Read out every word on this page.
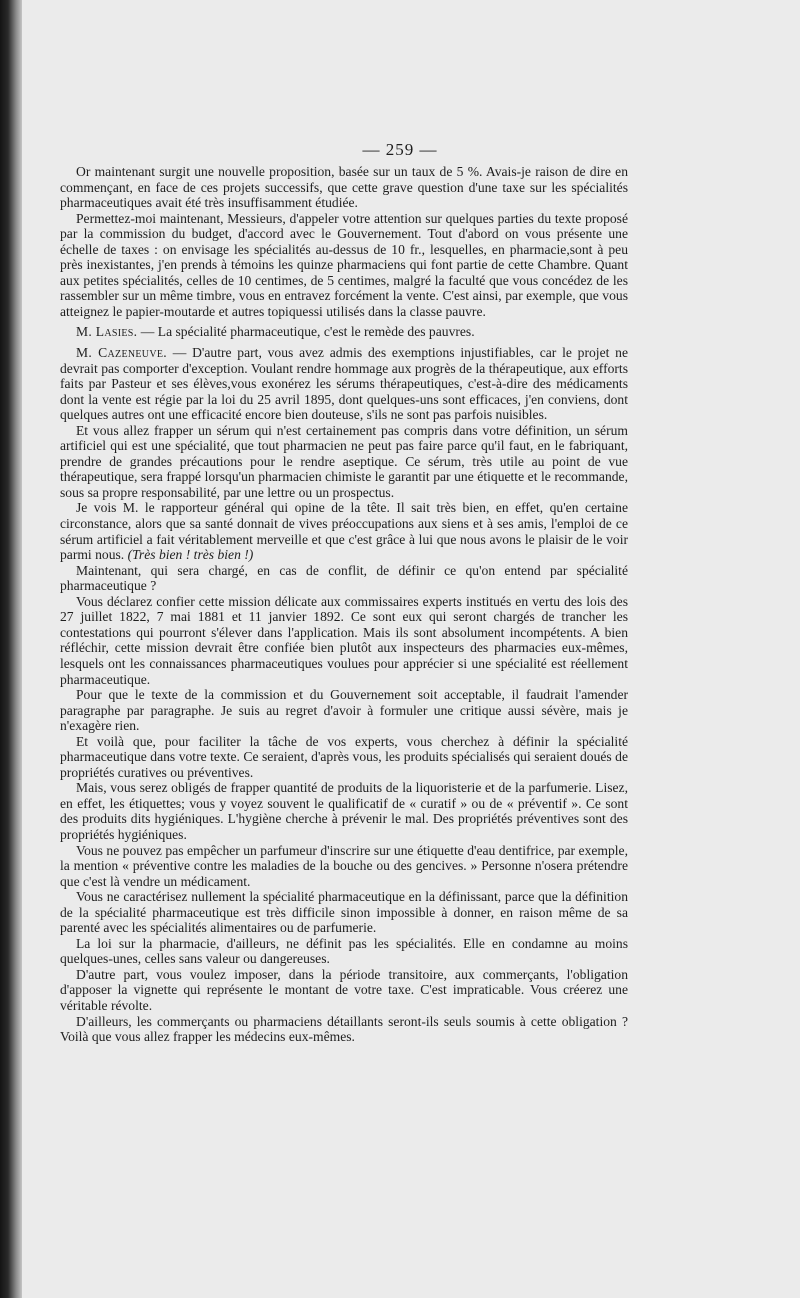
— 259 —

Or maintenant surgit une nouvelle proposition, basée sur un taux de 5 %. Avais-je raison de dire en commençant, en face de ces projets successifs, que cette grave question d'une taxe sur les spécialités pharmaceutiques avait été très insuffisamment étudiée.

Permettez-moi maintenant, Messieurs, d'appeler votre attention sur quelques parties du texte proposé par la commission du budget, d'accord avec le Gouvernement. Tout d'abord on vous présente une échelle de taxes : on envisage les spécialités au-dessus de 10 fr., lesquelles, en pharmacie,sont à peu près inexistantes, j'en prends à témoins les quinze pharmaciens qui font partie de cette Chambre. Quant aux petites spécialités, celles de 10 centimes, de 5 centimes, malgré la faculté que vous concédez de les rassembler sur un même timbre, vous en entravez forcément la vente. C'est ainsi, par exemple, que vous atteignez le papier-moutarde et autres topiquessi utilisés dans la classe pauvre.

M. Lasies. — La spécialité pharmaceutique, c'est le remède des pauvres.

M. Cazeneuve. — D'autre part, vous avez admis des exemptions injustifiables, car le projet ne devrait pas comporter d'exception. Voulant rendre hommage aux progrès de la thérapeutique, aux efforts faits par Pasteur et ses élèves,vous exonérez les sérums thérapeutiques, c'est-à-dire des médicaments dont la vente est régie par la loi du 25 avril 1895, dont quelques-uns sont efficaces, j'en conviens, dont quelques autres ont une efficacité encore bien douteuse, s'ils ne sont pas parfois nuisibles.

Et vous allez frapper un sérum qui n'est certainement pas compris dans votre définition, un sérum artificiel qui est une spécialité, que tout pharmacien ne peut pas faire parce qu'il faut, en le fabriquant, prendre de grandes précautions pour le rendre aseptique. Ce sérum, très utile au point de vue thérapeutique, sera frappé lorsqu'un pharmacien chimiste le garantit par une étiquette et le recommande, sous sa propre responsabilité, par une lettre ou un prospectus.

Je vois M. le rapporteur général qui opine de la tête. Il sait très bien, en effet, qu'en certaine circonstance, alors que sa santé donnait de vives préoccupations aux siens et à ses amis, l'emploi de ce sérum artificiel a fait véritablement merveille et que c'est grâce à lui que nous avons le plaisir de le voir parmi nous. (Très bien ! très bien !)

Maintenant, qui sera chargé, en cas de conflit, de définir ce qu'on entend par spécialité pharmaceutique ?

Vous déclarez confier cette mission délicate aux commissaires experts institués en vertu des lois des 27 juillet 1822, 7 mai 1881 et 11 janvier 1892. Ce sont eux qui seront chargés de trancher les contestations qui pourront s'élever dans l'application. Mais ils sont absolument incompétents. A bien réfléchir, cette mission devrait être confiée bien plutôt aux inspecteurs des pharmacies eux-mêmes, lesquels ont les connaissances pharmaceutiques voulues pour apprécier si une spécialité est réellement pharmaceutique.

Pour que le texte de la commission et du Gouvernement soit acceptable, il faudrait l'amender paragraphe par paragraphe. Je suis au regret d'avoir à formuler une critique aussi sévère, mais je n'exagère rien.

Et voilà que, pour faciliter la tâche de vos experts, vous cherchez à définir la spécialité pharmaceutique dans votre texte. Ce seraient, d'après vous, les produits spécialisés qui seraient doués de propriétés curatives ou préventives.

Mais, vous serez obligés de frapper quantité de produits de la liquoristerie et de la parfumerie. Lisez, en effet, les étiquettes; vous y voyez souvent le qualificatif de « curatif » ou de « préventif ». Ce sont des produits dits hygiéniques. L'hygiène cherche à prévenir le mal. Des propriétés préventives sont des propriétés hygiéniques.

Vous ne pouvez pas empêcher un parfumeur d'inscrire sur une étiquette d'eau dentifrice, par exemple, la mention « préventive contre les maladies de la bouche ou des gencives. » Personne n'osera prétendre que c'est là vendre un médicament.

Vous ne caractérisez nullement la spécialité pharmaceutique en la définissant, parce que la définition de la spécialité pharmaceutique est très difficile sinon impossible à donner, en raison même de sa parenté avec les spécialités alimentaires ou de parfumerie.

La loi sur la pharmacie, d'ailleurs, ne définit pas les spécialités. Elle en condamne au moins quelques-unes, celles sans valeur ou dangereuses.

D'autre part, vous voulez imposer, dans la période transitoire, aux commerçants, l'obligation d'apposer la vignette qui représente le montant de votre taxe. C'est impraticable. Vous créerez une véritable révolte.

D'ailleurs, les commerçants ou pharmaciens détaillants seront-ils seuls soumis à cette obligation ? Voilà que vous allez frapper les médecins eux-mêmes.
